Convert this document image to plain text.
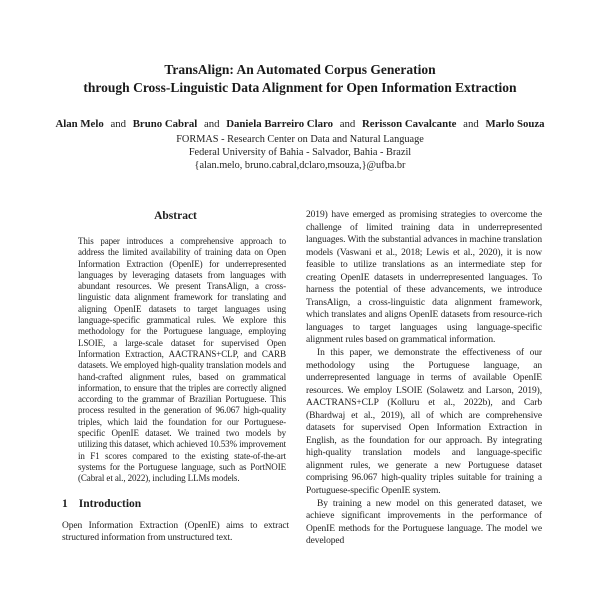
TransAlign: An Automated Corpus Generation
through Cross-Linguistic Data Alignment for Open Information Extraction
Alan Melo and Bruno Cabral and Daniela Barreiro Claro and Rerisson Cavalcante and Marlo Souza
FORMAS - Research Center on Data and Natural Language
Federal University of Bahia - Salvador, Bahia - Brazil
{alan.melo, bruno.cabral,dclaro,msouza,}@ufba.br
Abstract

This paper introduces a comprehensive approach to address the limited availability of training data on Open Information Extraction (OpenIE) for underrepresented languages by leveraging datasets from languages with abundant resources. We present TransAlign, a cross-linguistic data alignment framework for translating and aligning OpenIE datasets to target languages using language-specific grammatical rules. We explore this methodology for the Portuguese language, employing LSOIE, a large-scale dataset for supervised Open Information Extraction, AACTRANS+CLP, and CARB datasets. We employed high-quality translation models and hand-crafted alignment rules, based on grammatical information, to ensure that the triples are correctly aligned according to the grammar of Brazilian Portuguese. This process resulted in the generation of 96.067 high-quality triples, which laid the foundation for our Portuguese-specific OpenIE dataset. We trained two models by utilizing this dataset, which achieved 10.53% improvement in F1 scores compared to the existing state-of-the-art systems for the Portuguese language, such as PortNOIE (Cabral et al., 2022), including LLMs models.

1 Introduction

Open Information Extraction (OpenIE) aims to extract structured information from unstructured text.

2019) have emerged as promising strategies to overcome the challenge of limited training data in underrepresented languages. With the substantial advances in machine translation models (Vaswani et al., 2018; Lewis et al., 2020), it is now feasible to utilize translations as an intermediate step for creating OpenIE datasets in underrepresented languages. To harness the potential of these advancements, we introduce TransAlign, a cross-linguistic data alignment framework, which translates and aligns OpenIE datasets from resource-rich languages to target languages using language-specific alignment rules based on grammatical information.

In this paper, we demonstrate the effectiveness of our methodology using the Portuguese language, an underrepresented language in terms of available OpenIE resources. We employ LSOIE (Solawetz and Larson, 2019), AACTRANS+CLP (Kolluru et al., 2022b), and Carb (Bhardwaj et al., 2019), all of which are comprehensive datasets for supervised Open Information Extraction in English, as the foundation for our approach. By integrating high-quality translation models and language-specific alignment rules, we generate a new Portuguese dataset comprising 96.067 high-quality triples suitable for training a Portuguese-specific OpenIE system.

By training a new model on this generated dataset, we achieve significant improvements in the performance of OpenIE methods for the Portuguese language. The model we developed
